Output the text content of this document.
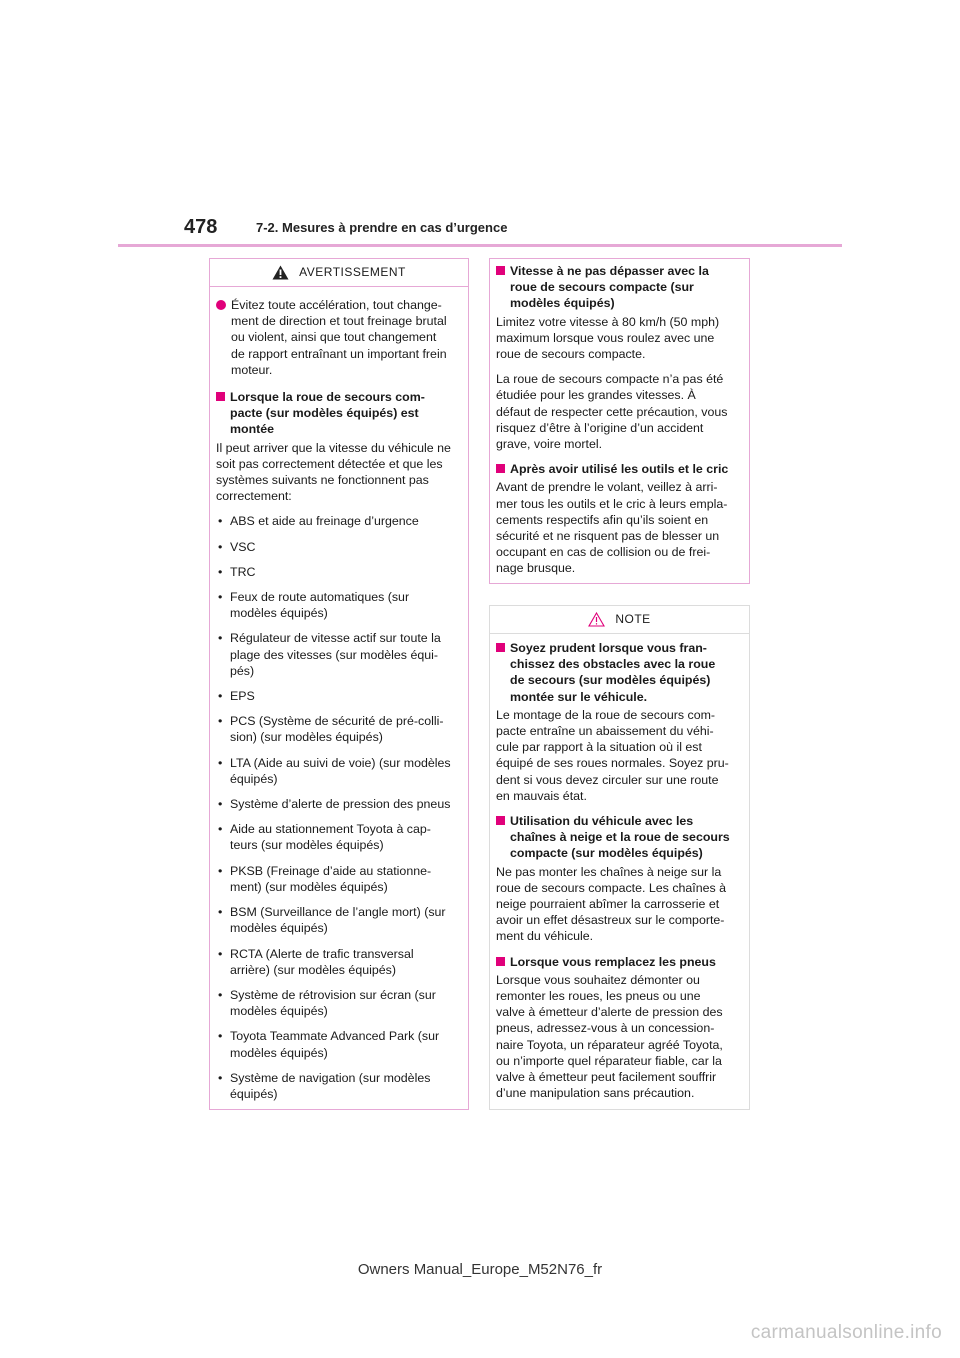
478	7-2. Mesures à prendre en cas d’urgence
AVERTISSEMENT
Évitez toute accélération, tout change-
ment de direction et tout freinage brutal
ou violent, ainsi que tout changement
de rapport entraînant un important frein
moteur.
Lorsque la roue de secours com-
pacte (sur modèles équipés) est
montée

Il peut arriver que la vitesse du véhicule ne
soit pas correctement détectée et que les
systèmes suivants ne fonctionnent pas
correctement:

• ABS et aide au freinage d’urgence
• VSC
• TRC
• Feux de route automatiques (sur
modèles équipés)
• Régulateur de vitesse actif sur toute la
plage des vitesses (sur modèles équi-
pés)
• EPS
• PCS (Système de sécurité de pré-colli-
sion) (sur modèles équipés)
• LTA (Aide au suivi de voie) (sur modèles
équipés)
• Système d’alerte de pression des pneus
• Aide au stationnement Toyota à cap-
teurs (sur modèles équipés)
• PKSB (Freinage d’aide au stationne-
ment) (sur modèles équipés)
• BSM (Surveillance de l’angle mort) (sur
modèles équipés)
• RCTA (Alerte de trafic transversal
arrière) (sur modèles équipés)
• Système de rétrovision sur écran (sur
modèles équipés)
• Toyota Teammate Advanced Park (sur
modèles équipés)
• Système de navigation (sur modèles
équipés)
Vitesse à ne pas dépasser avec la
roue de secours compacte (sur
modèles équipés)

Limitez votre vitesse à 80 km/h (50 mph)
maximum lorsque vous roulez avec une
roue de secours compacte.

La roue de secours compacte n’a pas été
étudiée pour les grandes vitesses. À
défaut de respecter cette précaution, vous
risquez d’être à l’origine d’un accident
grave, voire mortel.

Après avoir utilisé les outils et le cric

Avant de prendre le volant, veillez à arri-
mer tous les outils et le cric à leurs empla-
cements respectifs afin qu’ils soient en
sécurité et ne risquent pas de blesser un
occupant en cas de collision ou de frei-
nage brusque.

NOTE
Soyez prudent lorsque vous fran-
chissez des obstacles avec la roue
de secours (sur modèles équipés)
montée sur le véhicule.

Le montage de la roue de secours com-
pacte entraîne un abaissement du véhi-
cule par rapport à la situation où il est
équipé de ses roues normales. Soyez pru-
dent si vous devez circuler sur une route
en mauvais état.

Utilisation du véhicule avec les
chaînes à neige et la roue de secours
compacte (sur modèles équipés)

Ne pas monter les chaînes à neige sur la
roue de secours compacte. Les chaînes à
neige pourraient abîmer la carrosserie et
avoir un effet désastreux sur le comporte-
ment du véhicule.

Lorsque vous remplacez les pneus

Lorsque vous souhaitez démonter ou
remonter les roues, les pneus ou une
valve à émetteur d’alerte de pression des
pneus, adressez-vous à un concession-
naire Toyota, un réparateur agréé Toyota,
ou n’importe quel réparateur fiable, car la
valve à émetteur peut facilement souffrir
d’une manipulation sans précaution.

Owners Manual_Europe_M52N76_fr
carmanualsonline.info
